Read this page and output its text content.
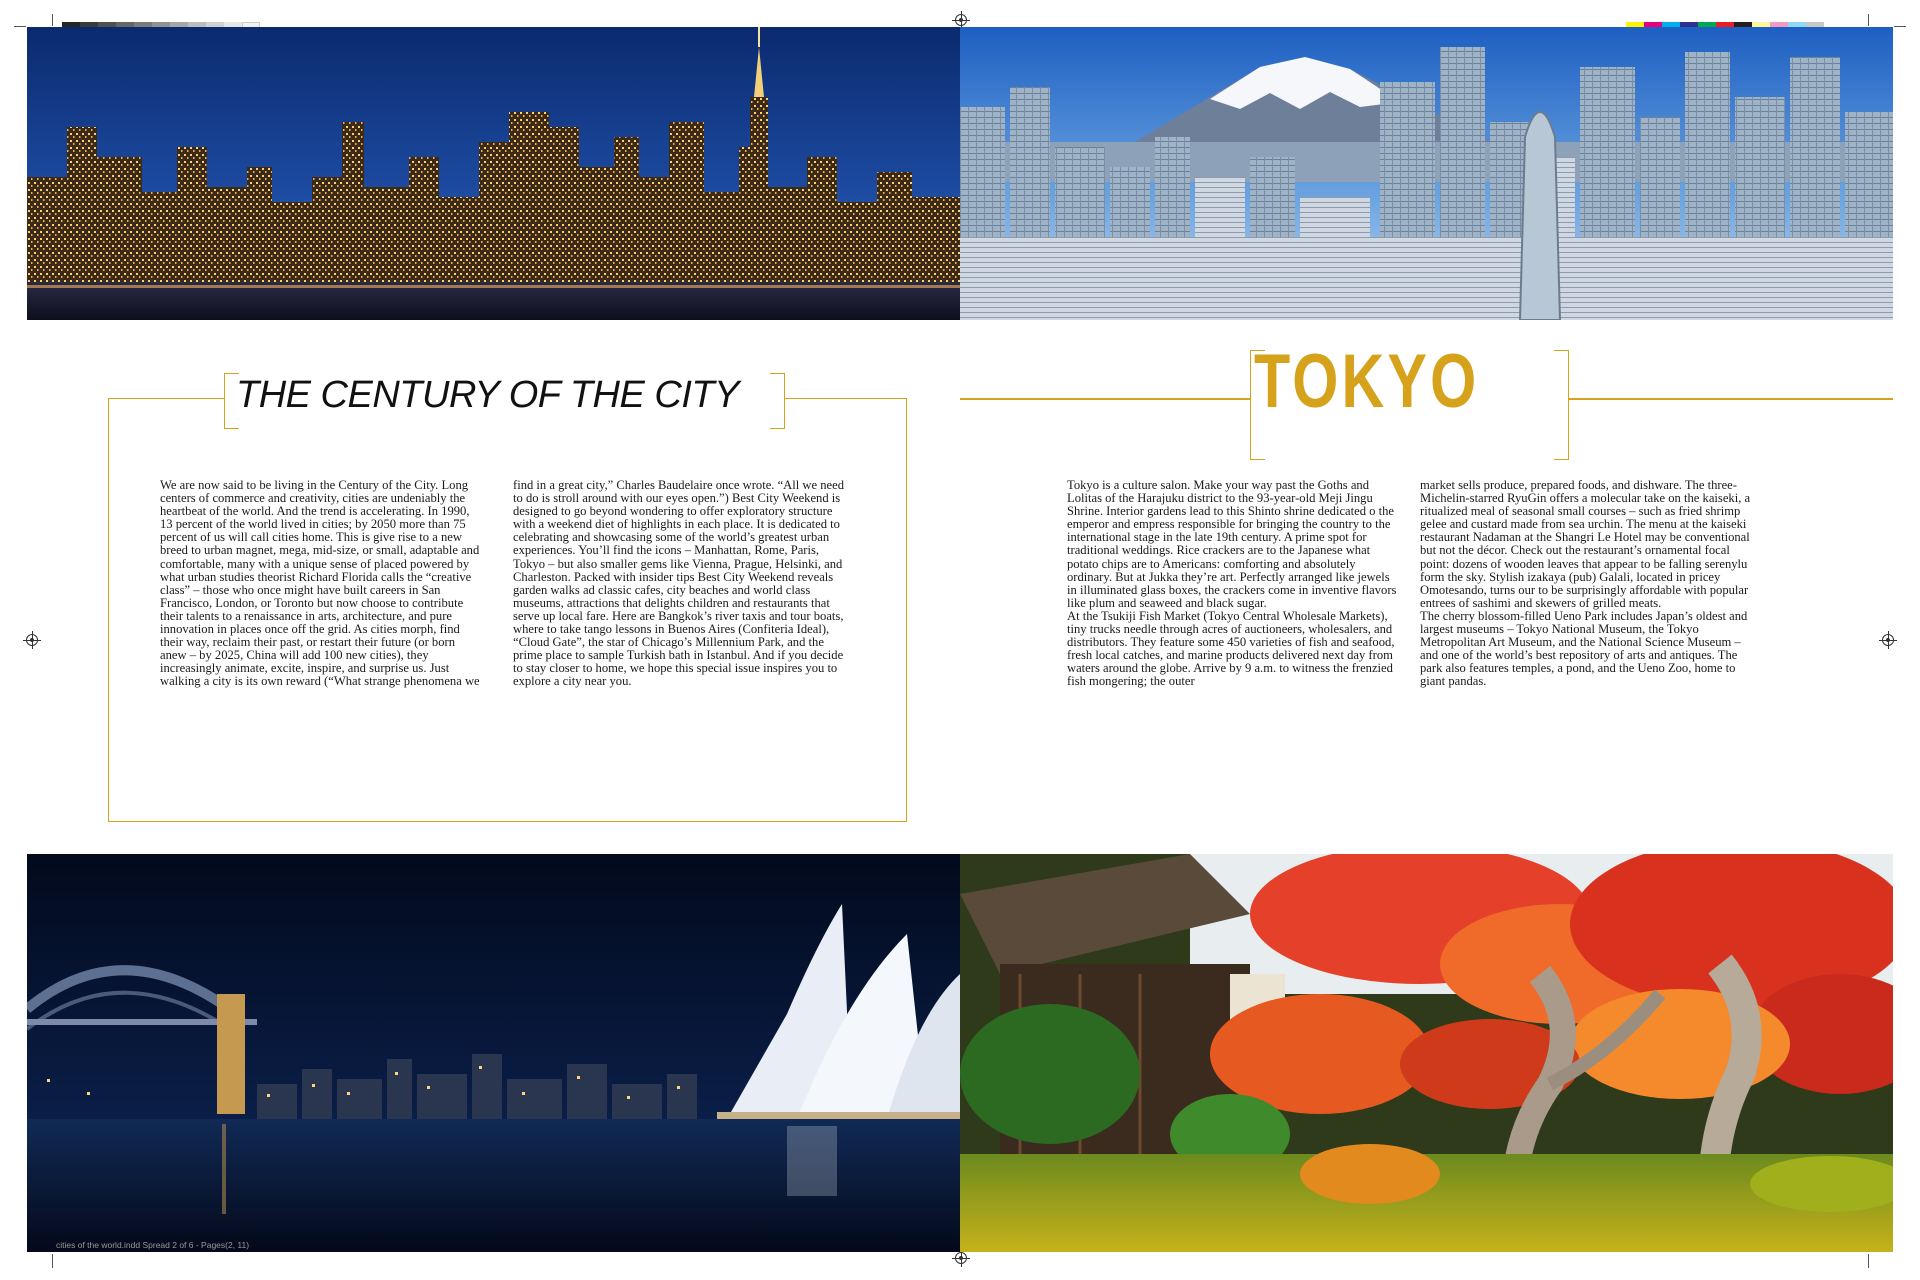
THE CENTURY OF THE CITY

We are now said to be living in the Century of the City. Long centers of commerce and creativity, cities are undeniably the heartbeat of the world. And the trend is accelerating. In 1990, 13 percent of the world lived in cities; by 2050 more than 75 percent of us will call cities home. This is give rise to a new breed to urban magnet, mega, mid-size, or small, adaptable and comfortable, many with a unique sense of placed powered by what urban studies theorist Richard Florida calls the “creative class” – those who once might have built careers in San Francisco, London, or Toronto but now choose to contribute their talents to a renaissance in arts, architecture, and pure innovation in places once off the grid. As cities morph, find their way, reclaim their past, or restart their future (or born anew – by 2025, China will add 100 new cities), they increasingly animate, excite, inspire, and surprise us. Just walking a city is its own reward (“What strange phenomena we

find in a great city,” Charles Baudelaire once wrote. “All we need to do is stroll around with our eyes open.”) Best City Weekend is designed to go beyond wondering to offer exploratory structure with a weekend diet of highlights in each place. It is dedicated to celebrating and showcasing some of the world’s greatest urban experiences. You’ll find the icons – Manhattan, Rome, Paris, Tokyo – but also smaller gems like Vienna, Prague, Helsinki, and Charleston. Packed with insider tips Best City Weekend reveals garden walks ad classic cafes, city beaches and world class museums, attractions that delights children and restaurants that serve up local fare. Here are Bangkok’s river taxis and tour boats, where to take tango lessons in Buenos Aires (Confiteria Ideal), “Cloud Gate”, the star of Chicago’s Millennium Park, and the prime place to sample Turkish bath in Istanbul. And if you decide to stay closer to home, we hope this special issue inspires you to explore a city near you.

TOKYO

Tokyo is a culture salon. Make your way past the Goths and Lolitas of the Harajuku district to the 93-year-old Meji Jingu Shrine. Interior gardens lead to this Shinto shrine dedicated o the emperor and empress responsible for bringing the country to the international stage in the late 19th century. A prime spot for traditional weddings. Rice crackers are to the Japanese what potato chips are to Americans: comforting and absolutely ordinary. But at Jukka they’re art. Perfectly arranged like jewels in illuminated glass boxes, the crackers come in inventive flavors like plum and seaweed and black sugar.
At the Tsukiji Fish Market (Tokyo Central Wholesale Markets), tiny trucks needle through acres of auctioneers, wholesalers, and distributors. They feature some 450 varieties of fish and seafood, fresh local catches, and marine products delivered next day from waters around the globe. Arrive by 9 a.m. to witness the frenzied fish mongering; the outer

market sells produce, prepared foods, and dishware. The three-Michelin-starred RyuGin offers a molecular take on the kaiseki, a ritualized meal of seasonal small courses – such as fried shrimp gelee and custard made from sea urchin. The menu at the kaiseki restaurant Nadaman at the Shangri Le Hotel may be conventional but not the décor. Check out the restaurant’s ornamental focal point: dozens of wooden leaves that appear to be falling serenylu form the sky. Stylish izakaya (pub) Galali, located in pricey Omotesando, turns our to be surprisingly affordable with popular entrees of sashimi and skewers of grilled meats.
The cherry blossom-filled Ueno Park includes Japan’s oldest and largest museums – Tokyo National Museum, the Tokyo Metropolitan Art Museum, and the National Science Museum – and one of the world’s best repository of arts and antiques. The park also features temples, a pond, and the Ueno Zoo, home to giant pandas.

cities of the world.indd Spread 2 of 6 - Pages(2, 11)
